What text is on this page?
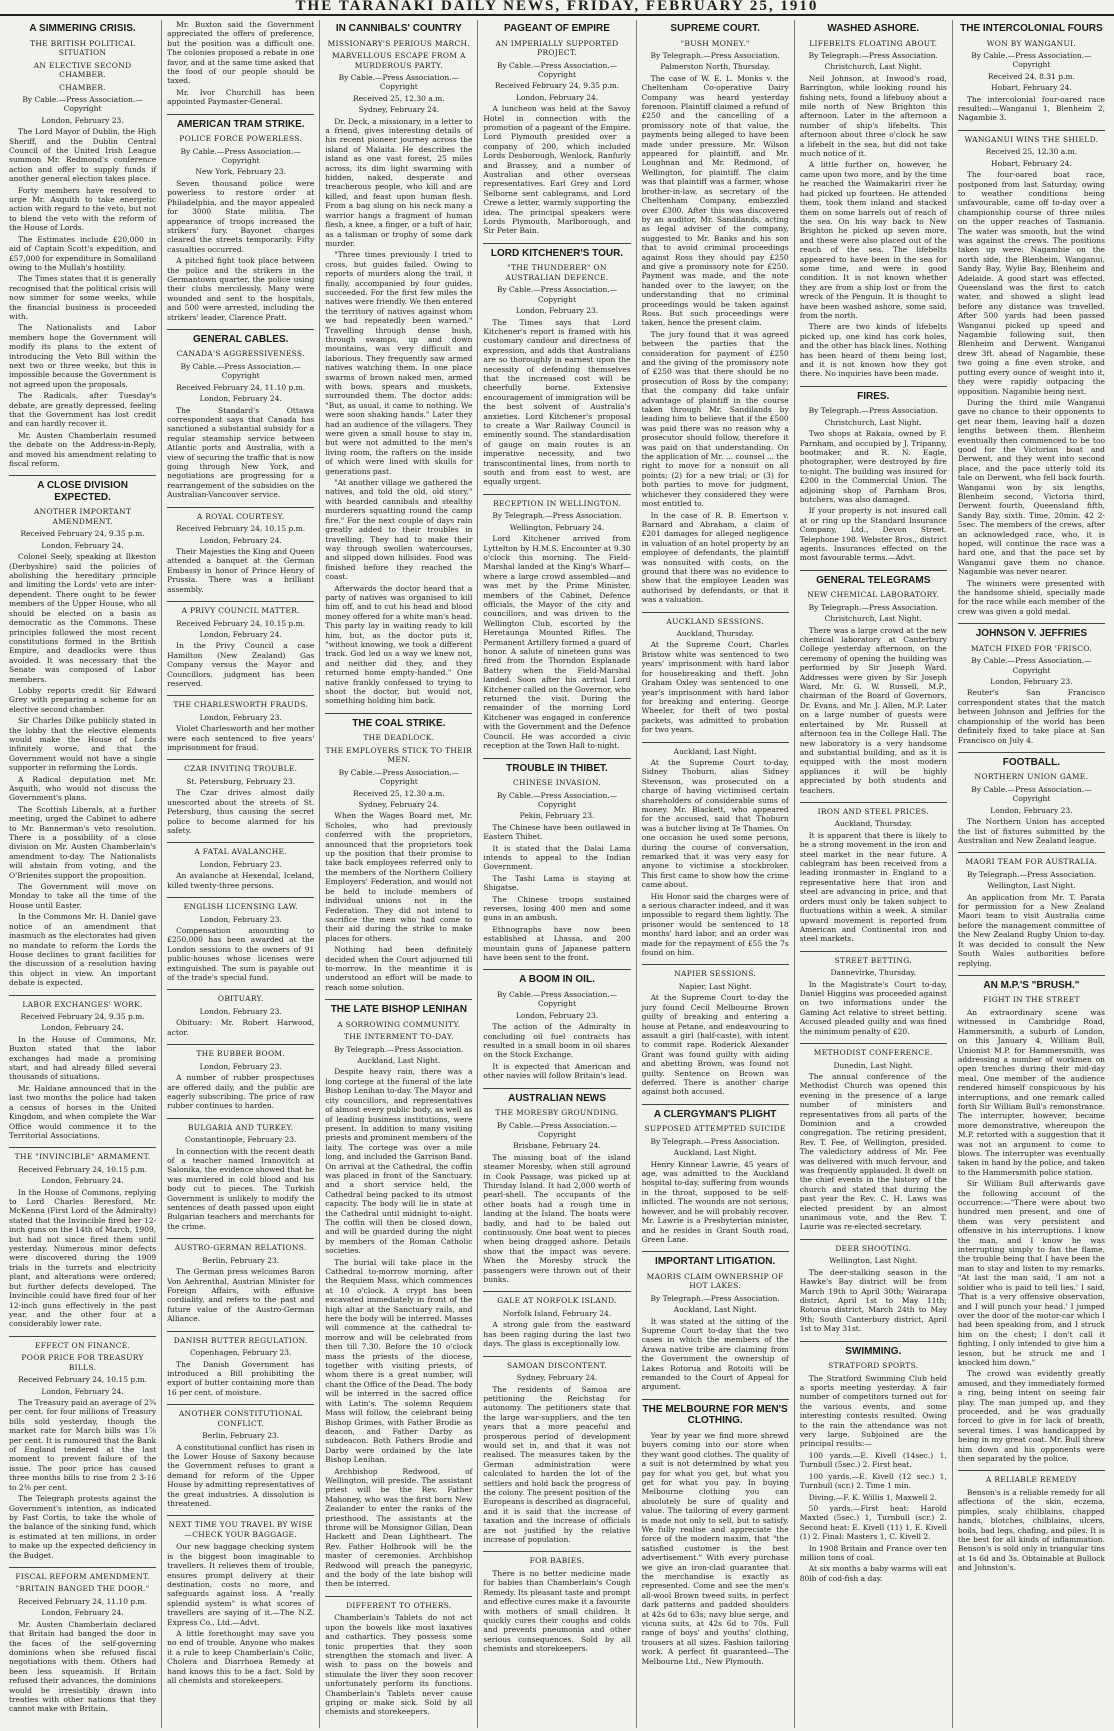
THE TARANAKI DAILY NEWS, FRIDAY, FEBRUARY 25, 1910
A SIMMERING CRISIS.
THE BRITISH POLITICAL SITUATION
AN ELECTIVE SECOND CHAMBER.
CHAMBER.
By Cable.—Press Association.—Copyright
London, February 23.

The Lord Mayor of Dublin, the High Sheriff, and the Dublin Central Council of the United Irish League summon Mr. Redmond's conference action and offer to supply funds if another general election takes place.

Forty members have resolved to urge Mr. Asquith to take energetic action with regard to the veto, but not to blend the veto with the reform of the House of Lords.

The Estimates include £20,000 in aid of Captain Scott's expedition, and £57,000 for expenditure in Somaliland owing to the Mullah's hostility.

The Times states that it is generally recognised that the political crisis will now simmer for some weeks, while the financial business is proceeded with.

The Nationalists and Labor members hope the Government will modify its plans to the extent of introducing the Veto Bill within the next two or three weeks, but this is impossible because the Government is not agreed upon the proposals.

The Radicals, after Tuesday's debate, are greatly depressed, feeling that the Government has lost credit and can hardly recover it.

Mr. Austen Chamberlain resumed the debate on the Address-in-Reply, and moved his amendment relating to fiscal reform.

A CLOSE DIVISION EXPECTED.
ANOTHER IMPORTANT AMENDMENT.
Received February 24, 9.35 p.m.
London, February 24.

Colonel Seely, speaking at Ilkeston (Derbyshire) said the policies of abolishing the hereditary principle and limiting the Lords' veto are inter-dependent. There ought to be fewer members of the Upper House, who all should be elected on a basis as democratic as the Commons. These principles followed the most recent constitutions formed in the British Empire, and deadlocks were thus avoided. It was necessary that the Senate was composed of Labor members.

Lobby reports credit Sir Edward Grey with preparing a scheme for an elective second chamber.

Sir Charles Dilke publicly stated in the lobby that the elective elements would make the House of Lords infinitely worse, and that the Government would not have a single supporter in reforming the Lords.

A Radical deputation met Mr. Asquith, who would not discuss the Government's plans.

The Scottish Liberals, at a further meeting, urged the Cabinet to adhere to Mr. Bannerman's veto resolution. There is a possibility of a close division on Mr. Austen Chamberlain's amendment to-day. The Nationalists will abstain from voting, and the O'Brienites support the proposition.

The Government will move on Monday to take all the time of the House until Easter.

In the Commons Mr. H. Daniel gave notice of an amendment that inasmuch as the electorates had given no mandate to reform the Lords the House declines to grant facilities for the discussion of a resolution having this object in view. An important debate is expected.

LABOR EXCHANGES' WORK.
Received February 24, 9.35 p.m.
London, February 24.

In the House of Commons, Mr. Buxton stated that the labor exchanges had made a promising start, and had already filled several thousands of situations.

Mr. Haldane announced that in the last two months the police had taken a census of horses in the United Kingdom, and when complete the War Office would commence it to the Territorial Associations.

THE "INVINCIBLE" ARMAMENT.
Received February 24, 10.15 p.m.
London, February 24.

In the House of Commons, replying to Lord Charles Beresford, Mr. McKenna (First Lord of the Admiralty) stated that the Invincible fired her 12-inch guns on the 14th of March, 1909, but had not since fired them until yesterday. Numerous minor defects were discovered during the 1909 trials in the turrets and electricity plant, and alterations were ordered; but further defects developed. The Invincible could have fired four of her 12-inch guns effectively in the past year, and the other four at a considerably lower rate.

EFFECT ON FINANCE.
POOR PRICE FOR TREASURY BILLS.
Received February 24, 10.15 p.m.
London, February 24.

The Treasury paid an average of 2¾ per cent. for four millions of Treasury bills sold yesterday, though the market rate for March bills was 1⅞ per cent. It is rumoured that the Bank of England tendered at the last moment to prevent failure of the issue. The poor price has caused three months bills to rise from 2 3-16 to 2⅜ per cent.

The Telegraph protests against the Government's intention, as indicated by Fast Cortis, to take the whole of the balance of the sinking fund, which is estimated at ten millions, in order to make up the expected deficiency in the Budget.

FISCAL REFORM AMENDMENT.
"BRITAIN BANGED THE DOOR."
Received February 24, 11.10 p.m.
London, February 24.

Mr. Austen Chamberlain declared that Britain had banged the door in the faces of the self-governing dominions when she refused fiscal negotiations with them. Others had been less squeamish. If Britain refused their advances, the dominions would be irresistibly drawn into treaties with other nations that they cannot make with Britain.

Mr. Buxton said the Government appreciated the offers of preference, but the position was a difficult one. The colonies proposed a rebate in one favor, and at the same time asked that the food of our people should be taxed.

Mr. Ivor Churchill has been appointed Paymaster-General.

AMERICAN TRAM STRIKE.
POLICE FORCE POWERLESS.
By Cable.—Press Association.—Copyright
New York, February 23.

Seven thousand police were powerless to restore order at Philadelphia, and the mayor appealed for 3000 State militia. The appearance of troops increased the strikers' fury. Bayonet charges cleared the streets temporarily. Fifty casualties occurred.

A pitched fight took place between the police and the strikers in the Germantown quarter, the police using their clubs mercilessly. Many were wounded and sent to the hospitals, and 500 were arrested, including the strikers' leader, Clarence Pratt.

GENERAL CABLES.
CANADA'S AGGRESSIVENESS.
By Cable.—Press Association.—Copyright
Received February 24, 11.10 p.m.
London, February 24.

The Standard's Ottawa correspondent says that Canada has sanctioned a substantial subsidy for a regular steamship service between Atlantic ports and Australia, with a view of securing the traffic that is now going through New York, and negotiations are progressing for a rearrangement of the subsidies on the Australian-Vancouver service.

A ROYAL COURTESY.
Received February 24, 10.15 p.m.
London, February 24.

Their Majesties the King and Queen attended a banquet at the German Embassy in honor of Prince Henry of Prussia. There was a brilliant assembly.

A PRIVY COUNCIL MATTER.
Received February 24, 10.15 p.m.
London, February 24.

In the Privy Council a case Hamilton (New Zealand) Gas Company versus the Mayor and Councillors, judgment has been reserved.

THE CHARLESWORTH FRAUDS.
London, February 23.

Violet Charlesworth and her mother were each sentenced to five years' imprisonment for fraud.

CZAR INVITING TROUBLE.
St. Petersburg, February 23.

The Czar drives almost daily unescorted about the streets of St. Petersburg, thus causing the secret police to become alarmed for his safety.

A FATAL AVALANCHE.
London, February 23.

An avalanche at Hexendal, Iceland, killed twenty-three persons.

ENGLISH LICENSING LAW.
London, February 23.

Compensation amounting to £250,000 has been awarded at the London sessions to the owners of 91 public-houses whose licenses were extinguished. The sum is payable out of the trade's special fund.

OBITUARY.
London, February 23.

Obituary: Mr. Robert Harwood, actor.

THE RUBBER BOOM.
London, February 23.

A number of rubber prospectuses are offered daily, and the public are eagerly subscribing. The price of raw rubber continues to harden.

BULGARIA AND TURKEY.
Constantinople, February 23.

In connection with the recent death of a teacher named Iranovitch at Salonika, the evidence showed that he was murdered in cold blood and his body cut to pieces. The Turkish Government is unlikely to modify the sentences of death passed upon eight Bulgarian teachers and merchants for the crime.

AUSTRO-GERMAN RELATIONS.
Berlin, February 23.

The German press welcomes Baron Von Aehrenthal, Austrian Minister for Foreign Affairs, with effusive cordiality, and refers to the past and future value of the Austro-German Alliance.

DANISH BUTTER REGULATION.
Copenhagen, February 23.

The Danish Government has introduced a Bill prohibiting the export of butter containing more than 16 per cent. of moisture.

ANOTHER CONSTITUTIONAL CONFLICT.
Berlin, February 23.

A constitutional conflict has risen in the Lower House of Saxony because the Government refuses to grant a demand for reform of the Upper House by admitting representatives of the great industries. A dissolution is threatened.

NEXT TIME YOU TRAVEL BY WISE—CHECK YOUR BAGGAGE.

Our new baggage checking system is the biggest boon imaginable to travellers. It relieves them of trouble, ensures prompt delivery at their destination, costs no more, and safeguards against loss. A "really splendid system" is what scores of travellers are saying of it.—The N.Z. Express Co., Ltd.—Advt.

A little forethought may save you no end of trouble. Anyone who makes it a rule to keep Chamberlain's Colic, Cholera and Diarrhoea Remedy at hand knows this to be a fact. Sold by all chemists and storekeepers.

IN CANNIBALS' COUNTRY
MISSIONARY'S PERIOUS MARCH.
MARVELLOUS ESCAPE FROM A MURDEROUS PARTY.
By Cable.—Press Association.—Copyright
Received 25, 12.30 a.m.
Sydney, February 24.

Dr. Deck, a missionary, in a letter to a friend, gives interesting details of his recent pioneer journey across the island of Malaita. He describes the island as one vast forest, 25 miles across, its dim light swarming with hidden, naked, desperate and treacherous people, who kill and are killed, and feast upon human flesh. From a bag slung on his neck many a warrior hangs a fragment of human flesh, a knee, a finger, or a tuft of hair, as a talisman or trophy of some dark murder.

"Three times previously I tried to cross, but guides failed. Owing to reports of murders along the trail, it finally, accompanied by four guides, succeeded. For the first few miles the natives were friendly. We then entered the territory of natives against whom we had repeatedly been warned." Travelling through dense bush, through swamps, up and down mountains, was very difficult and laborious. They frequently saw armed natives watching them. In one place swarms of brown naked men, armed with bows, spears and muskets, surrounded them. The doctor adds: "But, as usual, it came to nothing. We were soon shaking hands." Later they had an audience of the villagers. They were given a small house to stay in, but were not admitted to the men's living room, the rafters on the inside of which were lined with skulls for generations past.

"At another village we gathered the natives, and told the old, old story," with bearded cannibals and stealthy murderers squatting round the camp fire." For the next couple of days rain greatly added to their troubles in travelling. They had to make their way through swollen watercourses, and slipped down hillsides. Food was finished before they reached the coast.

Afterwards the doctor heard that a party of natives was organised to kill him off, and to cut his head and blood money offered for a white man's head. This party lay in waiting ready to kill him, but, as the doctor puts it, "without knowing, we took a different track. God led us a way we knew not, and neither did they, and they returned home empty-handed." One native frankly confessed to trying to shoot the doctor, but would not, something holding him back.

THE COAL STRIKE.
THE DEADLOCK.
THE EMPLOYERS STICK TO THEIR MEN.
By Cable.—Press Association.—Copyright
Received 25, 12.30 a.m.
Sydney, February 24.

When the Wages Board met, Mr. Scholes, who had previously conferred with the proprietors, announced that the proprietors took up the position that their promise to take back employees referred only to the members of the Northern Colliery Employers' Federation, and would not be held to include members of individual unions not in the Federation. They did not intend to sacrifice the men who had come to their aid during the strike to make places for others.

Nothing had been definitely decided when the Court adjourned till to-morrow. In the meantime it is understood an effort will be made to reach some solution.

THE LATE BISHOP LENIHAN
A SORROWING COMMUNITY.
THE INTERMENT TO-DAY.
By Telegraph.—Press Association.
Auckland, Last Night.

Despite heavy rain, there was a long cortege at the funeral of the late Bishop Lenihan to-day. The Mayor and city councillors, and representatives of almost every public body, as well as of leading business institutions, were present. In addition to many visiting priests and prominent members of the laity. The cortege was over a mile long, and included the Garrison Band. On arrival at the Cathedral, the coffin was placed in front of the Sanctuary, and a short service held, the Cathedral being packed to its utmost capacity. The body will lie in state at the Cathedral until midnight to-night. The coffin will then be closed down, and will be guarded during the night by members of the Roman Catholic societies.

The burial will take place in the Cathedral to-morrow morning, after the Requiem Mass, which commences at 10 o'clock. A crypt has been excavated immediately in front of the high altar at the Sanctuary rails, and here the body will be interred. Masses will commence at the cathedral to-morrow and will be celebrated from then till 7.30. Before the 10 o'clock mass the priests of the diocese, together with visiting priests, of whom there is a great number, will chant the Office of the Dead. The body will be interred in the sacred office with Latin's. The solemn Requiem Mass will follow, the celebrant being Bishop Grimes, with Father Brodie as deacon, and Father Darby as subdeacon. Both Fathers Brodie and Darby were ordained by the late Bishop Lenihan.

Archbishop Redwood, of Wellington, will preside. The assistant priest will be the Rev. Father Mahoney, who was the first born New Zealander to enter the ranks of the priesthood. The assistants at the throne will be Monsignor Gillan, Dean Hackett and Dean Lightheart. The Rev. Father Holbrook will be the master of ceremonies. Archbishop Redwood will preach the panegyric, and the body of the late bishop will then be interred.

DIFFERENT TO OTHERS.

Chamberlain's Tablets do not act upon the bowels like most laxatives and cathartics. They possess some tonic properties that they soon strengthen the stomach and liver. A wish to pass on the bowels and stimulate the liver they soon recover unfortunately perform its functions. Chamberlain's Tablets never cause griping or make sick. Sold by all chemists and storekeepers.

PAGEANT OF EMPIRE
AN IMPERIALLY SUPPORTED PROJECT.
By Cable.—Press Association.—Copyright
Received February 24, 9.35 p.m.
London, February 24.

A luncheon was held at the Savoy Hotel in connection with the promotion of a pageant of the Empire. Lord Plymouth presided over a company of 200, which included Lords Desborough, Wenlock, Ranfurly and Brassey, and a number of Australian and other overseas representatives. Earl Grey and Lord Selborne sent cablegrams, and Lord Crewe a letter, warmly supporting the idea. The principal speakers were Lords Plymouth, Marlborough, and Sir Peter Bain.

LORD KITCHENER'S TOUR.
"THE THUNDERER" ON AUSTRALIAN DEFENCE.
By Cable.—Press Association.—Copyright
London, February 23.

The Times says that Lord Kitchener's report is framed with his customary candour and directness of expression, and adds that Australians are so thoroughly in earnest upon the necessity of defending themselves that the increased cost will be cheerfully borne. Extensive encouragement of immigration will be the best solvent of Australia's anxieties. Lord Kitchener's proposal to create a War Railway Council is eminently sound. The standardisation of gauge on main routes is an imperative necessity, and two transcontinental lines, from north to south and from east to west, are equally urgent.

RECEPTION IN WELLINGTON.
By Telegraph.—Press Association.
Wellington, February 24.

Lord Kitchener arrived from Lyttelton by H.M.S. Encounter at 9.30 o'clock this morning. The Field-Marshal landed at the King's Wharf—where a large crowd assembled—and was met by the Prime Minister, members of the Cabinet, Defence officials, the Mayor of the city and councillors, and was driven to the Wellington Club, escorted by the Heretaunga Mounted Rifles. The Permanent Artillery formed a guard of honor. A salute of nineteen guns was fired from the Thorndon Esplanade Battery when the Field-Marshal landed. Soon after his arrival Lord Kitchener called on the Governor, who returned the visit. During the remainder of the morning Lord Kitchener was engaged in conference with the Government and the Defence Council. He was accorded a civic reception at the Town Hall to-night.

TROUBLE IN THIBET.
CHINESE INVASION.
By Cable.—Press Association.—Copyright
Pekin, February 23.

The Chinese have been outlawed in Eastern Thibet.

It is stated that the Dalai Lama intends to appeal to the Indian Government.

The Tashi Lama is staying at Shigatse.

The Chinese troops sustained reverses, losing 400 men and some guns in an ambush.

Ethnographs have now been established at Lhassa, and 200 mountain guns of Japanese pattern have been sent to the front.

A BOOM IN OIL.
By Cable.—Press Association.—Copyright
London, February 23.

The action of the Admiralty in concluding oil fuel contracts has resulted in a small boom in oil shares on the Stock Exchange.

It is expected that American and other navies will follow Britain's lead.

AUSTRALIAN NEWS
THE MORESBY GROUNDING.
By Cable.—Press Association.—Copyright
Brisbane, February 24.

The missing boat of the island steamer Moresby, when still aground in Cook Passage, was picked up at Thirsday Island. It had 2,000 worth of pearl-shell. The occupants of the other boats had a rough time in landing at the Island. The boats were badly, and had to be baled out continuously. One boat went to pieces when being dragged ashore. Details show that the impact was severe. When the Moresby struck the passengers were thrown out of their bunks.

GALE AT NORFOLK ISLAND.
Norfolk Island, February 24.

A strong gale from the eastward has been raging during the last two days. The glass is exceptionally low.

SAMOAN DISCONTENT.
Sydney, February 24.

The residents of Samoa are petitioning the Reichstag for autonomy. The petitioners state that the large war-suppliers, and the ten years that a more peaceful and prosperous period of development would set in, and that it was not realised. The measures taken by the German administration were calculated to harden the lot of the settlers and hold back the progress of the colony. The present position of the Europeans is described as disgraceful, and it is said that the increase of taxation and the increase of officials are not justified by the relative increase of population.

FOR BABIES.

There is no better medicine made for babies than Chamberlain's Cough Remedy. Its pleasant taste and prompt and effective cures make it a favourite with mothers of small children. It quickly cures their coughs and colds and prevents pneumonia and other serious consequences. Sold by all chemists and storekeepers.

SUPREME COURT.
"BUSH MONEY."
By Telegraph.—Press Association.
Palmerston North, Thursday.

The case of W. E. L. Monks v. the Cheltenham Co-operative Dairy Company was heard yesterday forenoon. Plaintiff claimed a refund of £250 and the cancelling of a promissory note of that value, the payments being alleged to have been made under pressure. Mr. Wilson appeared for plaintiff, and Mr. Loughnan and Mr. Redmond, of Wellington, for plaintiff. The claim was that plaintiff was a farmer, whose brother-in-law, as secretary of the Cheltenham Company, embezzled over £300. After this was discovered by an auditor, Mr. Sandilands, acting as legal adviser of the company, suggested to Mr. Banks and his son that to avoid criminal proceedings against Ross they should pay £250 and give a promissory note for £250. Payment was made, and the note handed over to the lawyer, on the understanding that no criminal proceedings would be taken against Ross. But such proceedings were taken, hence the present claim.

The jury found that it was agreed between the parties that the consideration for payment of £250 and the giving of the promissory note of £250 was that there should be no prosecution of Ross by the company; that the company did take unfair advantage of plaintiff in the course taken through Mr. Sandilands by leading him to believe that if the £500 was paid there was no reason why a prosecutor should follow, therefore it was paid on that understanding. On the application of Mr. ... counsel ... the right to move for a nonsuit on all points; (2) for a new trial; or (3) for both parties to move for judgment, whichever they considered they were most entitled to.

In the case of R. B. Emertson v. Barnard and Abraham, a claim of £201 damages for alleged negligence in valuation of an hotel property by an employee of defendants, the plaintiff was nonsuited with costs, on the ground that there was no evidence to show that the employee Leaden was authorised by defendants, or that it was a valuation.

AUCKLAND SESSIONS.
Auckland, Thursday.

At the Supreme Court, Charles Bristow white was sentenced to two years' imprisonment with hard labor for housebreaking and theft. John Graham Oxley was sentenced to one year's imprisonment with hard labor for breaking and entering. George Wheeler, for theft of two postal packets, was admitted to probation for two years.

Auckland, Last Night.

At the Supreme Court to-day, Sidney Thoburn, alias Sidney Stevenson, was prosecuted on a charge of having victimised certain shareholders of considerable sums of money. Mr. Blackett, who appeared for the accused, said that Thoburn was a butcher living at Te Thames. On one occasion he used some persons, during the course of conversation, remarked that it was very easy for anyone to victimise a stockbroker. This first came to show how the crime came about.

His Honor said the charges were of a serious character indeed, and it was impossible to regard them lightly. The prisoner would be sentenced to 18 months' hard labor, and an order was made for the repayment of £55 the 7s found on him.

NAPIER SESSIONS.
Napier, Last Night.

At the Supreme Court to-day the jury found Cecil Melbourne Brown guilty of breaking and entering a house at Petane, and endeavouring to assault a girl (half-caste), with intent to commit rape. Roderick Alexander Grant was found guilty with aiding and abetting Brown, was found not guilty. Sentence on Brown was deferred. There is another charge against both accused.

A CLERGYMAN'S PLIGHT
SUPPOSED ATTEMPTED SUICIDE
By Telegraph.—Press Association.
Auckland, Last Night.

Henry Kinnear Lawrie, 45 years of age, was admitted to the Auckland hospital to-day, suffering from wounds in the throat, supposed to be self-inflicted. The wounds are not serious, however, and he will probably recover. Mr. Lawrie is a Presbyterian minister, and he resides in Grant South road, Green Lane.

IMPORTANT LITIGATION.
MAORIS CLAIM OWNERSHIP OF HOT LAKES.
By Telegraph.—Press Association.
Auckland, Last Night.

It was stated at the sitting of the Supreme Court to-day that the two cases in which the members of the Arawa native tribe are claiming from the Government the ownership of Lakes Rotorua and Rotoiti will be remanded to the Court of Appeal for argument.

THE MELBOURNE FOR MEN'S CLOTHING.

Year by year we find more shrewd buyers coming into our store when they want good clothes. The quality of a suit is not determined by what you pay for what you get, but what you get for what you pay. In buying Melbourne clothing you can absolutely be sure of quality and value. The tailoring of every garment is made not only to sell, but to satisfy. We fully realise and appreciate the force of the modern maxim, that "the satisfied customer is the best advertisement." With every purchase we give an iron-clad guarantee that the merchandise is exactly as represented. Come and see the men's all-wool Brown tweed suits, in perfect dark patterns and padded shoulders at 42s 6d to 63s; navy blue serge, and vicuna suits, at 42s 6d to 70s. Full range of boys' and youths' clothing, trousers at all sizes. Fashion tailoring work. A perfect fit guaranteed—The Melbourne Ltd., New Plymouth.

WASHED ASHORE.
LIFEBELTS FLOATING ABOUT.
By Telegraph.—Press Association.
Christchurch, Last Night.

Neil Johnson, at Inwood's road, Barrington, while looking round his fishing nets, found a lifebuoy about a mile north of New Brighton this afternoon. Later in the afternoon a number of ship's lifebelts. This afternoon about three o'clock he saw a lifebelt in the sea, but did not take much notice of it.

A little further on, however, he came upon two more, and by the time he reached the Waimakariri river he had picked up fourteen. He attended them, took them inland and stacked them on some barrels out of reach of the sea. On his way back to New Brighton he picked up seven more, and these were also placed out of the reach of the sea. The lifebelts appeared to have been in the sea for some time, and were in good condition. It is not known whether they are from a ship lost or from the wreck of the Penguin. It is thought to have been washed ashore, some said, from the north.

There are two kinds of lifebelts picked up, one kind has cork holes, and the other has black lines. Nothing has been heard of them being lost, and it is not known how they got there. No inquiries have been made.

FIRES.
By Telegraph.—Press Association.
Christchurch, Last Night.

Two shops at Rakaia, owned by F. Parnham, and occupied by J. Tripanny, bootmaker, and R. N. Eagle, photographer, were destroyed by fire to-night. The building was insured for £200 in the Commercial Union. The adjoining shop of Parnham Bros, butchers, was also damaged.

If your property is not insured call at or ring up the Standard Insurance Company, Ltd., Devon Street. Telephone 198. Webster Bros., district agents. Insurances effected on the most favourable terms.—Advt.

GENERAL TELEGRAMS
NEW CHEMICAL LABORATORY.
By Telegraph.—Press Association.
Christchurch, Last Night.

There was a large crowd at the new chemical laboratory at Canterbury College yesterday afternoon, on the ceremony of opening the building was performed by Sir Joseph Ward. Addresses were given by Sir Joseph Ward, Mr. G. W. Russell, M.P., chairman of the Board of Governors, Dr. Evans, and Mr. J. Allen, M.P. Later on a large number of guests were entertained by Mr. Russell at afternoon tea in the College Hall. The new laboratory is a very handsome and substantial building, and as it is equipped with the most modern appliances it will be highly appreciated by both students and teachers.

IRON AND STEEL PRICES.
Auckland, Thursday.

It is apparent that there is likely to be a strong movement in the iron and steel market in the near future. A cablegram has been received from a leading ironmaster in England to a representative here that iron and steel are advancing in price, and that orders must only be taken subject to fluctuations within a week. A similar upward movement is reported from American and Continental iron and steel markets.

STREET BETTING.
Dannevirke, Thursday.

In the Magistrate's Court to-day, Daniel Higgins was proceeded against on two informations under the Gaming Act relative to street betting. Accused pleaded guilty and was fined the minimum penalty of £20.

METHODIST CONFERENCE.
Dunedin, Last Night.

The annual conference of the Methodist Church was opened this evening in the presence of a large number of ministers and representatives from all parts of the Dominion and a crowded congregation. The retiring president, Rev. T. Fee, of Wellington, presided. The valedictory address of Mr. Fee was delivered with much fervour, and was frequently applauded. It dwelt on the chief events in the history of the church and stated that during the past year the Rev. C. H. Laws was elected president by an almost unanimous vote, and the Rev. T. Laurie was re-elected secretary.

DEER SHOOTING.
Wellington, Last Night.

The deer-stalking season in the Hawke's Bay district will be from March 19th to April 30th; Wairarapa district, April 1st to May 11th; Rotorua district, March 24th to May 9th; South Canterbury district, April 1st to May 31st.

SWIMMING.
STRATFORD SPORTS.

The Stratford Swimming Club held a sports meeting yesterday. A fair number of competitors turned out for the various events, and some interesting contests resulted. Owing to the rain the attendance was not very large. Subjoined are the principal results:—

100 yards.—E. Kivell (14sec.) 1, Turnbull (5sec.) 2. First heat.

100 yards.—E. Kivell (12 sec.) 1, Turnbull (scr.) 2. Time 1 min.

Diving.—F. K. Willis 1, Maxwell 2.

50 yards.—First heat: Harold Maxted (5sec.) 1, Turnbull (scr.) 2. Second heat: E. Kivell (11) 1, E. Kivell (1) 2. Final: Masters 1, C. Kivell 2.

In 1908 Britain and France over ten million tons of coal.

At six months a baby warms will eat 80lb of cod-fish a day.

THE INTERCOLONIAL FOURS
WON BY WANGANUI.
By Cable.—Press Association.—Copyright
Received 24, 8.31 p.m.
Hobart, February 24.

The intercolonial four-oared race resulted:—Wanganui 1, Blenheim 2, Nagambie 3.

WANGANUI WINS THE SHIELD.
Received 25, 12.30 a.m.
Hobart, February 24.

The four-oared boat race, postponed from last Saturday, owing to weather conditions being unfavourable, came off to-day over a championship course of three miles on the upper reaches of Tasmania. The water was smooth, but the wind was against the crews. The positions taken up were: Nagambie on the north side, the Blenheim, Wanganui, Sandy Bay, Wylie Bay, Blenheim and Adelaide. A good start was effected. Queensland was the first to catch water, and showed a slight lead before any distance was travelled. After 500 yards had been passed Wanganui picked up speed and Nagambie following suit, then Blenheim and Derwent. Wanganui drew 3ft. ahead of Nagambie, these two going a fine even stroke, and putting every ounce of weight into it, they were rapidly outpacing the opposition. Nagambie being next.

During the third mile Wanganui gave no chance to their opponents to get near them, leaving half a dozen lengths between them. Blenheim eventually then commenced to be too good for the Victorian boat and Derwent, and they went into second place, and the pace utterly told its tale on Derwent, who fell back fourth. Wanganui won by six lengths, Blenheim second, Victoria third, Derwent fourth, Queensland fifth, Sandy Bay, sixth. Time, 20min. 42 2-5sec. The members of the crews, after an acknowledged race, who, it is hoped, will continue the race was a hard one, and that the pace set by Wanganui gave them no chance. Nagambie was never nearer.

The winners were presented with the handsome shield, specially made for the race while each member of the crew was given a gold medal.

JOHNSON V. JEFFRIES
MATCH FIXED FOR 'FRISCO.
By Cable.—Press Association.—Copyright
London, February 23.

Reuter's San Francisco correspondent states that the match between Johnson and Jeffries for the championship of the world has been definitely fixed to take place at San Francisco on July 4.

FOOTBALL.
NORTHERN UNION GAME.
By Cable.—Press Association.—Copyright
London, February 23.

The Northern Union has accepted the list of fixtures submitted by the Australian and New Zealand league.

MAORI TEAM FOR AUSTRALIA.
By Telegraph.—Press Association.
Wellington, Last Night.

An application from Mr. T. Parata for permission for a New Zealand Maori team to visit Australia came before the management committee of the New Zealand Rugby Union to-day. It was decided to consult the New South Wales authorities before replying.

AN M.P.'S "BRUSH."
FIGHT IN THE STREET

An extraordinary scene was witnessed in Cambridge Road, Hammersmith, a suburb of London, on this January 4, William Bull, Unionist M.P. for Hammersmith, was addressing a number of workmen on open trenches during their mid-day meal. One member of the audience rendered himself conspicuous by his interruptions, and one remark called forth Sir William Bull's remonstrance. The interrupter, however, became more demonstrative, whereupon the M.P. retorted with a suggestion that it was not an argument to come to blows. The interrupter was eventually taken in hand by the police, and taken to the Hammersmith police station.

Sir William Bull afterwards gave the following account of the occurrence:—"There were about two hundred men present, and one of them was very persistent and offensive in his interruptions. I know the man, and I know he was interrupting simply to fan the flame, the trouble being that I have been the man to stay and listen to my remarks. "At last the man said, 'I am not a soldier who is paid to tell lies.' I said, 'That is a very offensive observation, and I will punch your head.' I jumped over the door of the motor-car which I had been speaking from, and I struck him on the chest; I don't call it fighting, I only intended to give him a lesson, but he struck me and I knocked him down."

The crowd was evidently greatly amused, and they immediately formed a ring, being intent on seeing fair play. The man jumped up, and they proceeded, and he was gradually forced to give in for lack of breath, several times. I was handicapped by being in my great coat. Mr. Bull threw him down and his opponents were then separated by the police.

A RELIABLE REMEDY

Benson's is a reliable remedy for all affections of the skin, eczema, pimples, scaly chilblains, chapped hands, blotches, chilblains, ulcers, boils, bad legs, chafing, and piles. It is the best for all kinds of inflammation. Benson's is sold only in triangular tins at 1s 6d and 3s. Obtainable at Bullock and Johnston's.
